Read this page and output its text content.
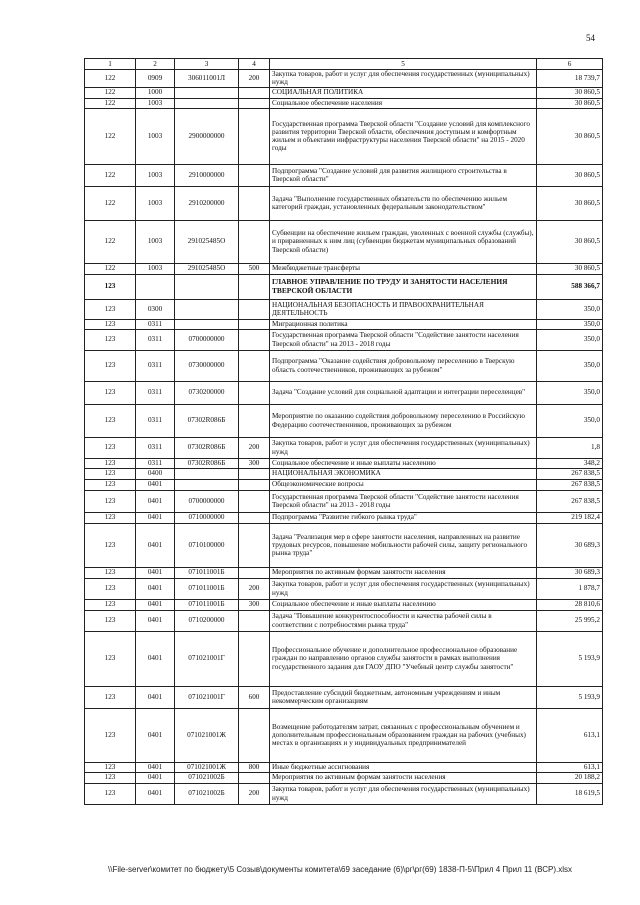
54
1	2	3	4	5	6
122	0909	306011001Л	200	Закупка товаров, работ и услуг для обеспечения государственных (муниципальных) нужд	18 739,7
122	1000			СОЦИАЛЬНАЯ ПОЛИТИКА	30 860,5
122	1003			Социальное обеспечение населения	30 860,5
122	1003	2900000000		Государственная программа Тверской области "Создание условий для комплексного развития территории Тверской области, обеспечения доступным и комфортным жильем и объектами инфраструктуры населения Тверской области" на 2015 - 2020 годы	30 860,5
122	1003	2910000000		Подпрограмма "Создание условий для развития жилищного строительства в Тверской области"	30 860,5
122	1003	2910200000		Задача "Выполнение государственных обязательств по обеспечению жильем категорий граждан, установленных федеральным законодательством"	30 860,5
122	1003	291025485О		Субвенции на обеспечение жильем граждан, уволенных с военной службы (службы), и приравненных к ним лиц (субвенции бюджетам муниципальных образований Тверской области)	30 860,5
122	1003	291025485О	500	Межбюджетные трансферты	30 860,5
123				ГЛАВНОЕ УПРАВЛЕНИЕ ПО ТРУДУ И ЗАНЯТОСТИ НАСЕЛЕНИЯ ТВЕРСКОЙ ОБЛАСТИ	588 366,7
123	0300			НАЦИОНАЛЬНАЯ БЕЗОПАСНОСТЬ И ПРАВООХРАНИТЕЛЬНАЯ ДЕЯТЕЛЬНОСТЬ	350,0
123	0311			Миграционная политика	350,0
123	0311	0700000000		Государственная программа Тверской области "Содействие занятости населения Тверской области" на 2013 - 2018 годы	350,0
123	0311	0730000000		Подпрограмма "Оказание содействия добровольному переселению в Тверскую область соотечественников, проживающих за рубежом"	350,0
123	0311	0730200000		Задача "Создание условий для социальной адаптации и интеграции переселенцев"	350,0
123	0311	07302R086Б		Мероприятие по оказанию содействия добровольному переселению в Российскую Федерацию соотечественников, проживающих за рубежом	350,0
123	0311	07302R086Б	200	Закупка товаров, работ и услуг для обеспечения государственных (муниципальных) нужд	1,8
123	0311	07302R086Б	300	Социальное обеспечение и иные выплаты населению	348,2
123	0400			НАЦИОНАЛЬНАЯ ЭКОНОМИКА	267 838,5
123	0401			Общеэкономические вопросы	267 838,5
123	0401	0700000000		Государственная программа Тверской области "Содействие занятости населения Тверской области" на 2013 - 2018 годы	267 838,5
123	0401	0710000000		Подпрограмма "Развитие гибкого рынка труда"	219 182,4
123	0401	0710100000		Задача "Реализация мер в сфере занятости населения, направленных на развитие трудовых ресурсов, повышение мобильности рабочей силы, защиту регионального рынка труда"	30 689,3
123	0401	071011001Б		Мероприятия по активным формам занятости населения	30 689,3
123	0401	071011001Б	200	Закупка товаров, работ и услуг для обеспечения государственных (муниципальных) нужд	1 878,7
123	0401	071011001Б	300	Социальное обеспечение и иные выплаты населению	28 810,6
123	0401	0710200000		Задача "Повышение конкурентоспособности и качества рабочей силы в соответствии с потребностями рынка труда"	25 995,2
123	0401	071021001Г		Профессиональное обучение и дополнительное профессиональное образование граждан по направлению органов службы занятости в рамках выполнения государственного задания для ГАОУ ДПО "Учебный центр службы занятости"	5 193,9
123	0401	071021001Г	600	Предоставление субсидий бюджетным, автономным учреждениям и иным некоммерческим организациям	5 193,9
123	0401	071021001Ж		Возмещение работодателям затрат, связанных с профессиональным обучением и дополнительным профессиональным образованием граждан на рабочих (учебных) местах в организациях и у индивидуальных предпринимателей	613,1
123	0401	071021001Ж	800	Иные бюджетные ассигнования	613,1
123	0401	071021002Б		Мероприятия по активным формам занятости населения	20 188,2
123	0401	071021002Б	200	Закупка товаров, работ и услуг для обеспечения государственных (муниципальных) нужд	18 619,5
\\File-server\комитет по бюджету\5 Созыв\документы комитета\69 заседание (6)\рг\рг(69) 1838-П-5\Прил 4 Прил 11 (ВСР).xlsx
